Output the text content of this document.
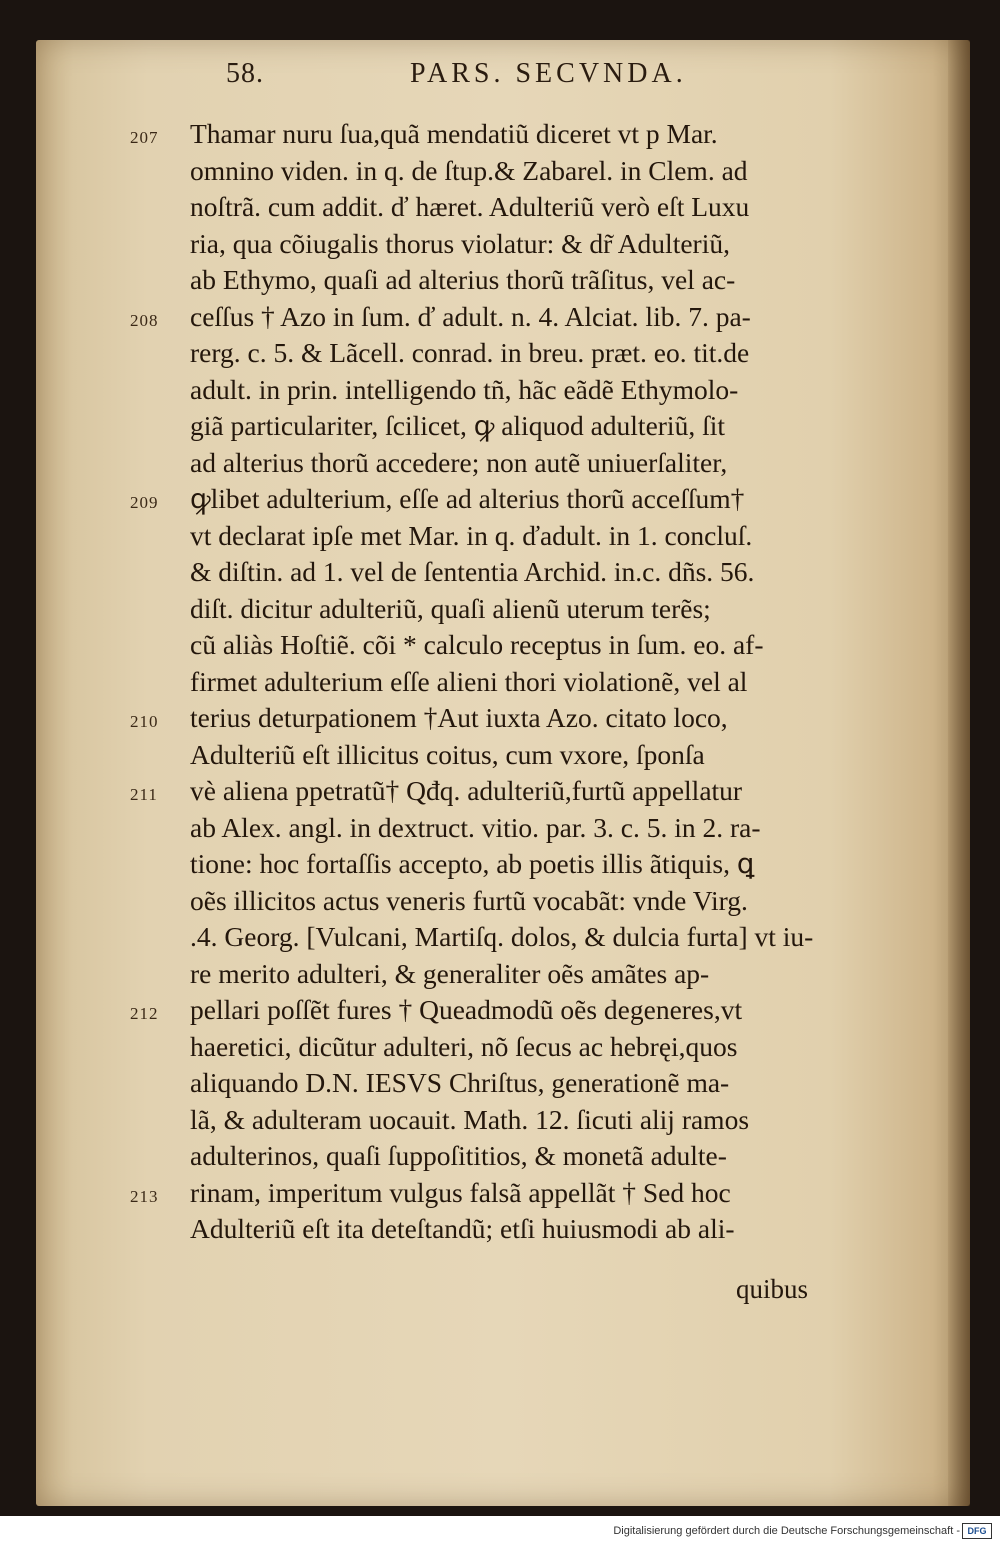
58.	PARS. SECVNDA.
207 Thamar nuru ſua,quã mendatiũ diceret vt p Mar.
omnino viden. in q. de ſtup.& Zabarel. in Clem. ad
noſtrã. cum addit. ď hæret. Adulteriũ verò eſt Luxu
ria, qua cõiugalis thorus violatur: & dr̃ Adulteriũ,
ab Ethymo, quaſi ad alterius thorũ trãſitus, vel ac-
208 ceſſus † Azo in ſum. ď adult. n. 4. Alciat. lib. 7. pa-
rerg. c. 5. & Lãcell. conrad. in breu. præt. eo. tit.de
adult. in prin. intelligendo tñ, hãc eãdẽ Ethymolo-
giã particulariter, ſcilicet, ꝙ aliquod adulteriũ, ſit
ad alterius thorũ accedere; non autẽ uniuerſaliter,
209 ꝙlibet adulterium, eſſe ad alterius thorũ acceſſum†
vt declarat ipſe met Mar. in q. ďadult. in 1. concluſ.
& diſtin. ad 1. vel de ſententia Archid. in.c. dñs. 56.
diſt. dicitur adulteriũ, quaſi alienũ uterum terẽs;
cũ aliàs Hoſtiẽ. cõi * calculo receptus in ſum. eo. af-
firmet adulterium eſſe alieni thori violationẽ, vel al
210 terius deturpationem †Aut iuxta Azo. citato loco,
Adulteriũ eſt illicitus coitus, cum vxore, ſponſa
211 vè aliena ppetratũ† Qđq. adulteriũ,furtũ appellatur
ab Alex. angl. in dextruct. vitio. par. 3. c. 5. in 2. ra-
tione: hoc fortaſſis accepto, ab poetis illis ãtiquis, ꝗ
oẽs illicitos actus veneris furtũ vocabãt: vnde Virg.
.4. Georg. [Vulcani, Martiſq. dolos, & dulcia furta] vt iu-
re merito adulteri, & generaliter oẽs amãtes ap-
212 pellari poſſẽt fures † Queadmodũ oẽs degeneres,vt
haeretici, dicũtur adulteri, nõ ſecus ac hebręi,quos
aliquando D.N. IESVS Chriſtus, generationẽ ma-
lã, & adulteram uocauit. Math. 12. ſicuti alij ramos
adulterinos, quaſi ſuppoſititios, & monetã adulte-
213 rinam, imperitum vulgus falsã appellãt † Sed hoc
Adulteriũ eſt ita deteſtandũ; etſi huiusmodi ab ali-
quibus
Digitalisierung gefördert durch die Deutsche Forschungsgemeinschaft - DFG
